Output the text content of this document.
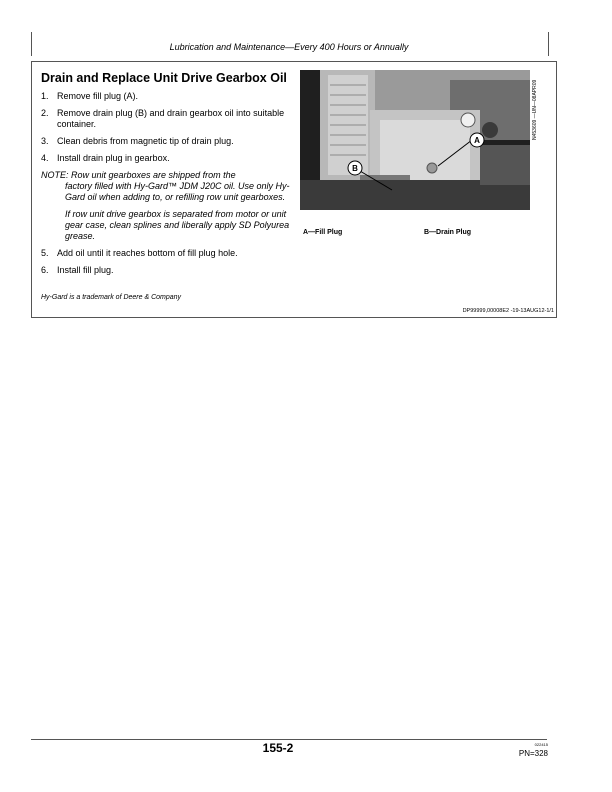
Lubrication and Maintenance—Every 400 Hours or Annually
Drain and Replace Unit Drive Gearbox Oil
1. Remove fill plug (A).
2. Remove drain plug (B) and drain gearbox oil into suitable container.
3. Clean debris from magnetic tip of drain plug.
4. Install drain plug in gearbox.
NOTE: Row unit gearboxes are shipped from the
factory filled with Hy-Gard™ JDM J20C oil. Use only Hy-Gard oil when adding to, or refilling row unit gearboxes.
If row unit drive gearbox is separated from motor or unit gear case, clean splines and liberally apply SD Polyurea grease.
5. Add oil until it reaches bottom of fill plug hole.
6. Install fill plug.
A
B
N453609 —UN—08APR09
A—Fill Plug	B—Drain Plug
Hy-Gard is a trademark of Deere & Company
DP99999,00008E2 -19-13AUG12-1/1
155-2	022415
PN=328
